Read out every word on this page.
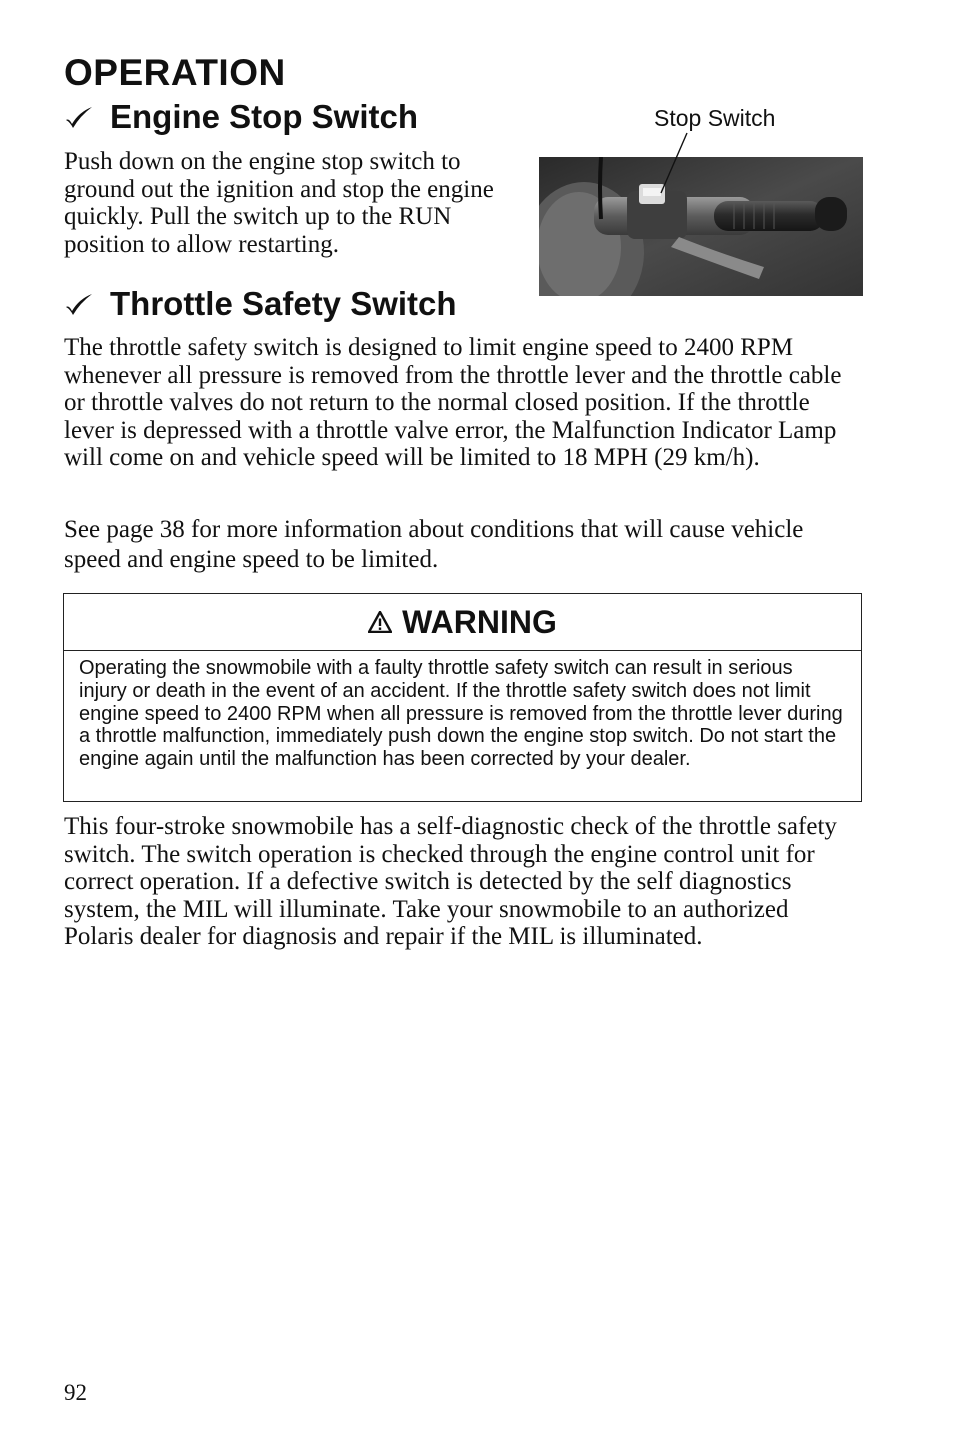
OPERATION
Engine Stop Switch

Push down on the engine stop switch to ground out the ignition and stop the engine quickly. Pull the switch up to the RUN position to allow restarting.

Stop Switch
Throttle Safety Switch

The throttle safety switch is designed to limit engine speed to 2400 RPM whenever all pressure is removed from the throttle lever and the throttle cable or throttle valves do not return to the normal closed position. If the throttle lever is depressed with a throttle valve error, the Malfunction Indicator Lamp will come on and vehicle speed will be limited to 18 MPH (29 km/h).

See page 38 for more information about conditions that will cause vehicle speed and engine speed to be limited.

WARNING
Operating the snowmobile with a faulty throttle safety switch can result in serious injury or death in the event of an accident. If the throttle safety switch does not limit engine speed to 2400 RPM when all pressure is removed from the throttle lever during a throttle malfunction, immediately push down the engine stop switch. Do not start the engine again until the malfunction has been corrected by your dealer.

This four-stroke snowmobile has a self-diagnostic check of the throttle safety switch. The switch operation is checked through the engine control unit for correct operation. If a defective switch is detected by the self diagnostics system, the MIL will illuminate. Take your snowmobile to an authorized Polaris dealer for diagnosis and repair if the MIL is illuminated.

92
